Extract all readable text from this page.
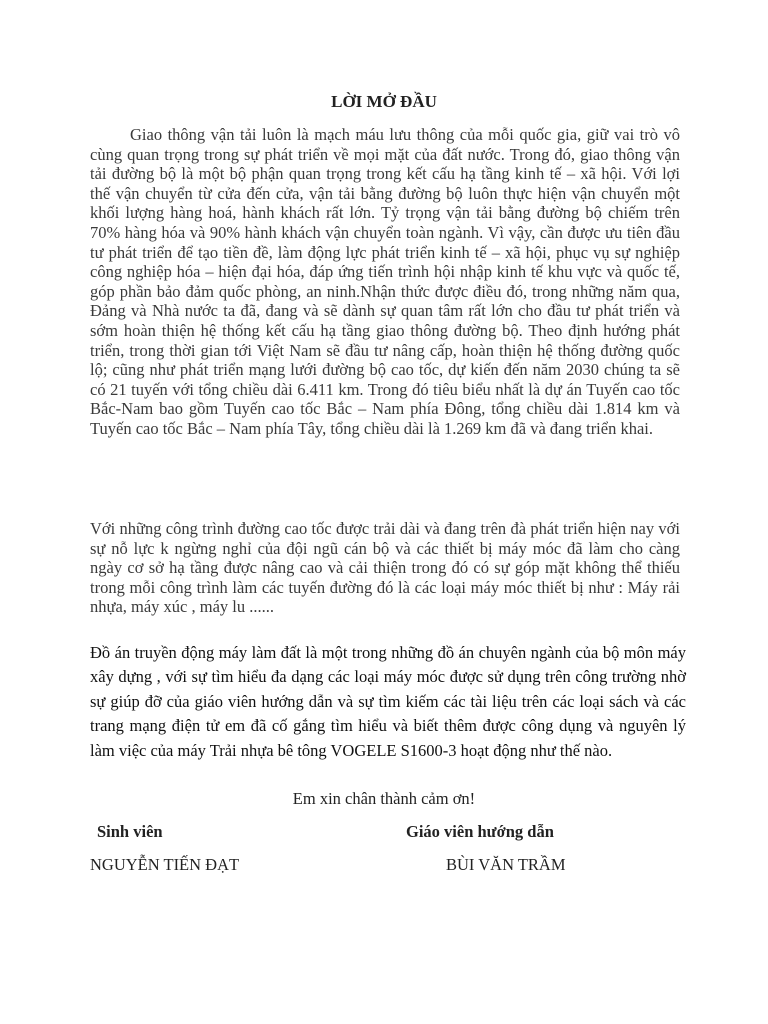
LỜI MỞ ĐẦU

Giao thông vận tải luôn là mạch máu lưu thông của mỗi quốc gia, giữ vai trò vô cùng quan trọng trong sự phát triển về mọi mặt của đất nước. Trong đó, giao thông vận tải đường bộ là một bộ phận quan trọng trong kết cấu hạ tầng kinh tế – xã hội. Với lợi thế vận chuyển từ cửa đến cửa, vận tải bằng đường bộ luôn thực hiện vận chuyển một khối lượng hàng hoá, hành khách rất lớn. Tỷ trọng vận tải bằng đường bộ chiếm trên 70% hàng hóa và 90% hành khách vận chuyển toàn ngành. Vì vậy, cần được ưu tiên đầu tư phát triển để tạo tiền đề, làm động lực phát triển kinh tế – xã hội, phục vụ sự nghiệp công nghiệp hóa – hiện đại hóa, đáp ứng tiến trình hội nhập kinh tế khu vực và quốc tế, góp phần bảo đảm quốc phòng, an ninh.Nhận thức được điều đó, trong những năm qua, Đảng và Nhà nước ta đã, đang và sẽ dành sự quan tâm rất lớn cho đầu tư phát triển và sớm hoàn thiện hệ thống kết cấu hạ tầng giao thông đường bộ. Theo định hướng phát triển, trong thời gian tới Việt Nam sẽ đầu tư nâng cấp, hoàn thiện hệ thống đường quốc lộ; cũng như phát triển mạng lưới đường bộ cao tốc, dự kiến đến năm 2030 chúng ta sẽ có 21 tuyến với tổng chiều dài 6.411 km. Trong đó tiêu biểu nhất là dự án Tuyến cao tốc Bắc-Nam bao gồm Tuyến cao tốc Bắc – Nam phía Đông, tổng chiều dài 1.814 km và Tuyến cao tốc Bắc – Nam phía Tây, tổng chiều dài là 1.269 km đã và đang triển khai.

Với những công trình đường cao tốc được trải dài và đang trên đà phát triển hiện nay với sự nỗ lực k ngừng nghỉ của đội ngũ cán bộ và các thiết bị máy móc đã làm cho càng ngày cơ sở hạ tầng được nâng cao và cải thiện trong đó có sự góp mặt không thể thiếu trong mỗi công trình làm các tuyến đường đó là các loại máy móc thiết bị như : Máy rải nhựa, máy xúc , máy lu ......

Đồ án truyền động máy làm đất là một trong những đồ án chuyên ngành của bộ môn máy xây dựng , với sự tìm hiểu đa dạng các loại máy móc được sử dụng trên công trường nhờ sự giúp đỡ của giáo viên hướng dẫn và sự tìm kiếm các tài liệu trên các loại sách và các trang mạng điện tử em đã cố gắng tìm hiểu và biết thêm được công dụng và nguyên lý làm việc của máy Trải nhựa bê tông VOGELE S1600-3 hoạt động như thế nào.

Em xin chân thành cảm ơn!
Sinh viên	Giáo viên hướng dẫn
NGUYỄN TIẾN ĐẠT	BÙI VĂN TRẦM
